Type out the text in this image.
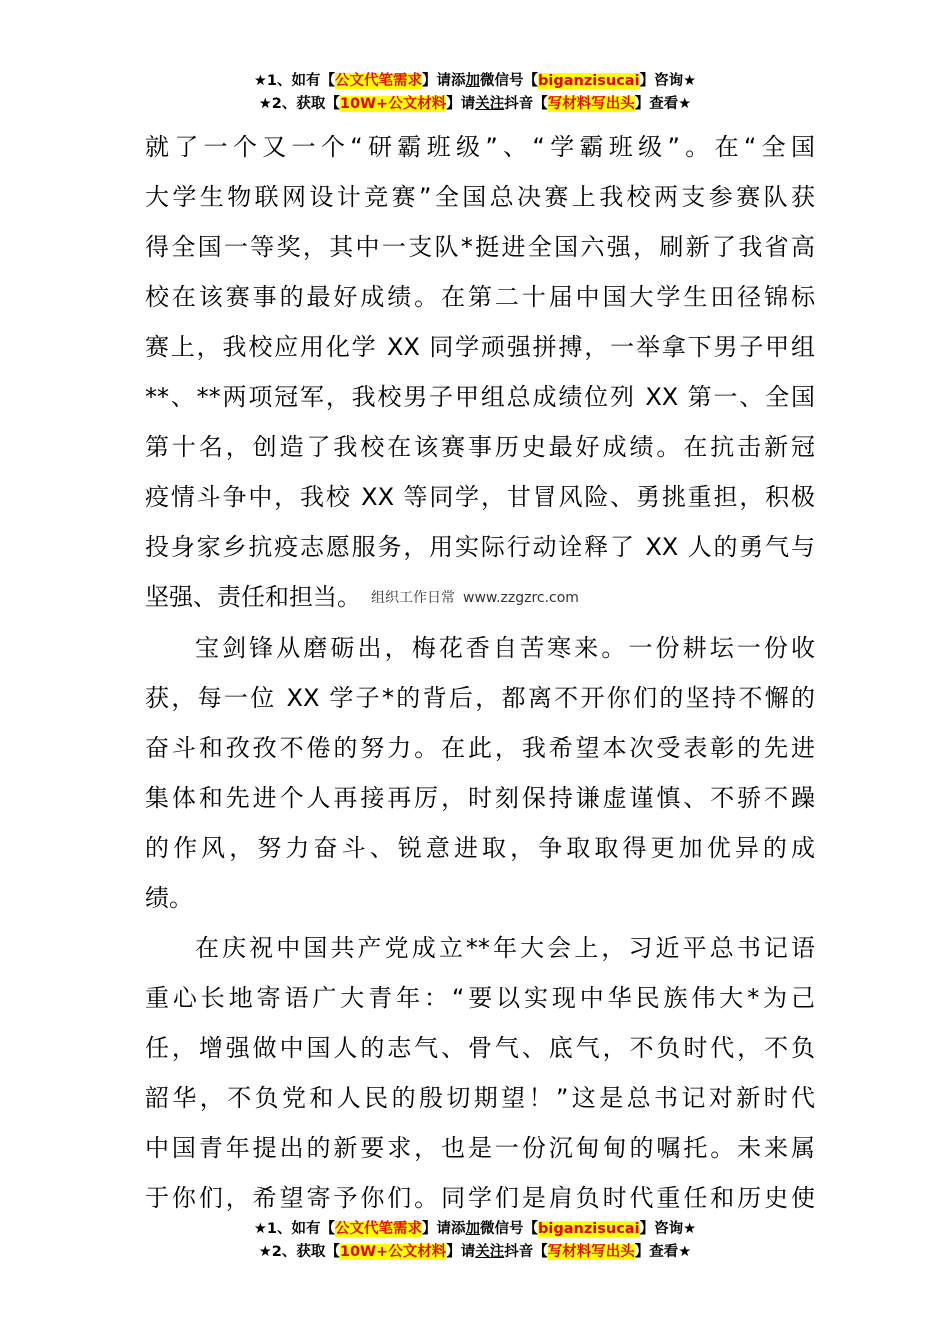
★1、如有【公文代笔需求】请添加微信号【biganzisucai】咨询★
★2、获取【10W+公文材料】请关注抖音【写材料写出头】查看★
就了一个又一个“研霸班级”、“学霸班级”。在“全国
大学生物联网设计竞赛”全国总决赛上我校两支参赛队获
得全国一等奖，其中一支队*挺进全国六强，刷新了我省高
校在该赛事的最好成绩。在第二十届中国大学生田径锦标
赛上，我校应用化学 XX 同学顽强拼搏，一举拿下男子甲组
**、**两项冠军，我校男子甲组总成绩位列 XX 第一、全国
第十名，创造了我校在该赛事历史最好成绩。在抗击新冠
疫情斗争中，我校 XX 等同学，甘冒风险、勇挑重担，积极
投身家乡抗疫志愿服务，用实际行动诠释了 XX 人的勇气与
坚强、责任和担当。 组织工作日常 www.zzgzrc.com
宝剑锋从磨砺出，梅花香自苦寒来。一份耕坛一份收
获，每一位 XX 学子*的背后，都离不开你们的坚持不懈的
奋斗和孜孜不倦的努力。在此，我希望本次受表彰的先进
集体和先进个人再接再厉，时刻保持谦虚谨慎、不骄不躁
的作风，努力奋斗、锐意进取，争取取得更加优异的成
绩。
在庆祝中国共产党成立**年大会上，习近平总书记语
重心长地寄语广大青年：“要以实现中华民族伟大*为己
任，增强做中国人的志气、骨气、底气，不负时代，不负
韶华，不负党和人民的殷切期望！”这是总书记对新时代
中国青年提出的新要求，也是一份沉甸甸的嘱托。未来属
于你们，希望寄予你们。同学们是肩负时代重任和历史使
★1、如有【公文代笔需求】请添加微信号【biganzisucai】咨询★
★2、获取【10W+公文材料】请关注抖音【写材料写出头】查看★
